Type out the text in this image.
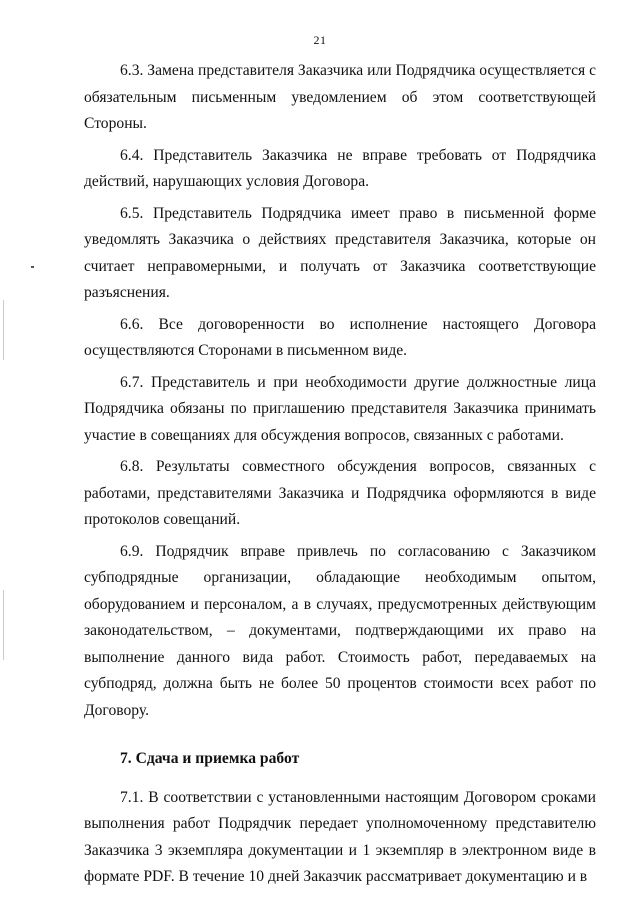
21

6.3. Замена представителя Заказчика или Подрядчика осуществляется с обязательным письменным уведомлением об этом соответствующей Стороны.

6.4. Представитель Заказчика не вправе требовать от Подрядчика действий, нарушающих условия Договора.

6.5. Представитель Подрядчика имеет право в письменной форме уведомлять Заказчика о действиях представителя Заказчика, которые он считает неправомерными, и получать от Заказчика соответствующие разъяснения.

6.6. Все договоренности во исполнение настоящего Договора осуществляются Сторонами в письменном виде.

6.7. Представитель и при необходимости другие должностные лица Подрядчика обязаны по приглашению представителя Заказчика принимать участие в совещаниях для обсуждения вопросов, связанных с работами.

6.8. Результаты совместного обсуждения вопросов, связанных с работами, представителями Заказчика и Подрядчика оформляются в виде протоколов совещаний.

6.9. Подрядчик вправе привлечь по согласованию с Заказчиком субподрядные организации, обладающие необходимым опытом, оборудованием и персоналом, а в случаях, предусмотренных действующим законодательством, – документами, подтверждающими их право на выполнение данного вида работ. Стоимость работ, передаваемых на субподряд, должна быть не более 50 процентов стоимости всех работ по Договору.

7. Сдача и приемка работ

7.1. В соответствии с установленными настоящим Договором сроками выполнения работ Подрядчик передает уполномоченному представителю Заказчика 3 экземпляра документации и 1 экземпляр в электронном виде в формате PDF. В течение 10 дней Заказчик рассматривает документацию и в
